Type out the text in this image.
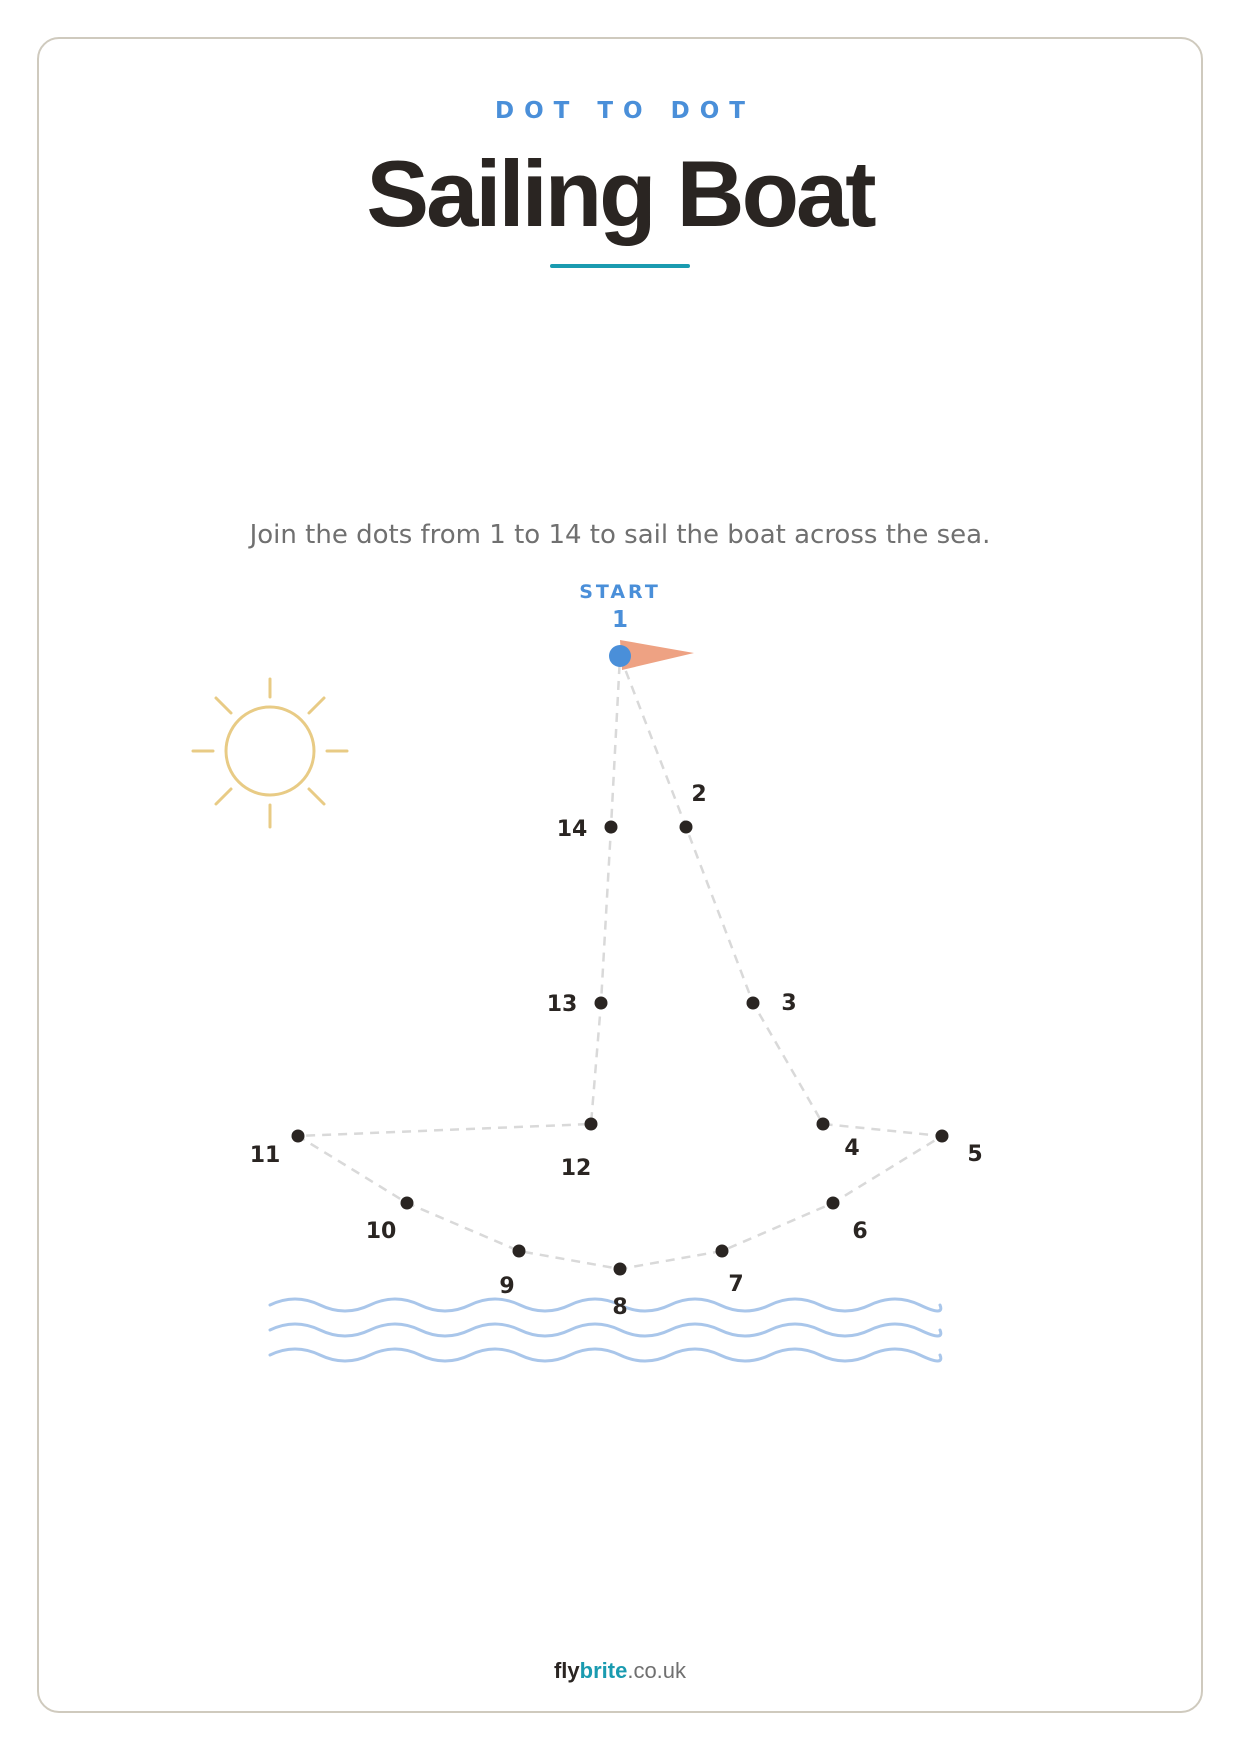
DOT TO DOT
Sailing Boat
Join the dots from 1 to 14 to sail the boat across the sea.
START
1
2
3
4	5
6
7
8
9
10
11
12
13
14
flybrite.co.uk
